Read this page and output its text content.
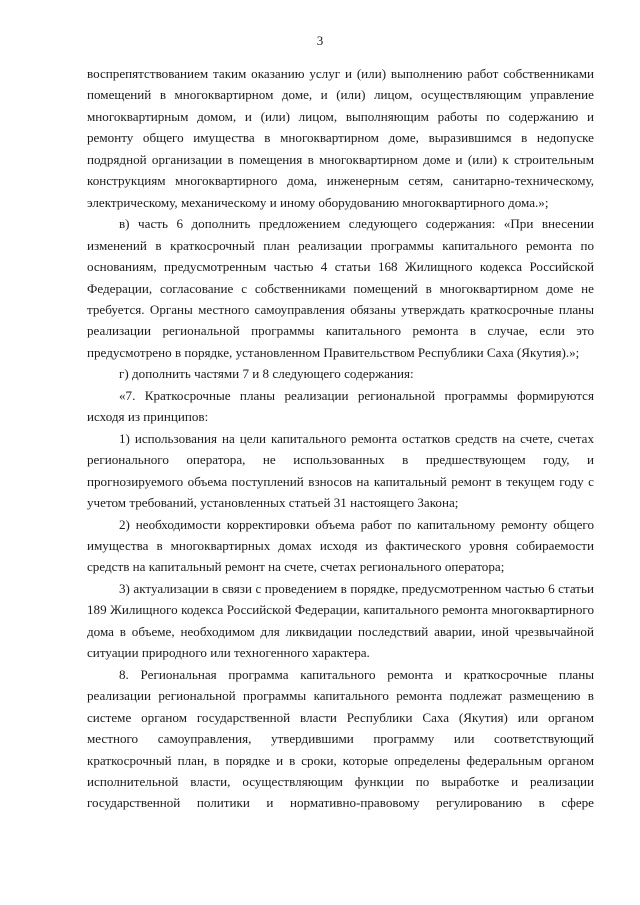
3

воспрепятствованием таким оказанию услуг и (или) выполнению работ собственниками помещений в многоквартирном доме, и (или) лицом, осуществляющим управление многоквартирным домом, и (или) лицом, выполняющим работы по содержанию и ремонту общего имущества в многоквартирном доме, выразившимся в недопуске подрядной организации в помещения в многоквартирном доме и (или) к строительным конструкциям многоквартирного дома, инженерным сетям, санитарно-техническому, электрическому, механическому и иному оборудованию многоквартирного дома.»;

в) часть 6 дополнить предложением следующего содержания: «При внесении изменений в краткосрочный план реализации программы капитального ремонта по основаниям, предусмотренным частью 4 статьи 168 Жилищного кодекса Российской Федерации, согласование с собственниками помещений в многоквартирном доме не требуется. Органы местного самоуправления обязаны утверждать краткосрочные планы реализации региональной программы капитального ремонта в случае, если это предусмотрено в порядке, установленном Правительством Республики Саха (Якутия).»;

г) дополнить частями 7 и 8 следующего содержания:

«7. Краткосрочные планы реализации региональной программы формируются исходя из принципов:

1) использования на цели капитального ремонта остатков средств на счете, счетах регионального оператора, не использованных в предшествующем году, и прогнозируемого объема поступлений взносов на капитальный ремонт в текущем году с учетом требований, установленных статьей 31 настоящего Закона;

2) необходимости корректировки объема работ по капитальному ремонту общего имущества в многоквартирных домах исходя из фактического уровня собираемости средств на капитальный ремонт на счете, счетах регионального оператора;

3) актуализации в связи с проведением в порядке, предусмотренном частью 6 статьи 189 Жилищного кодекса Российской Федерации, капитального ремонта многоквартирного дома в объеме, необходимом для ликвидации последствий аварии, иной чрезвычайной ситуации природного или техногенного характера.

8. Региональная программа капитального ремонта и краткосрочные планы реализации региональной программы капитального ремонта подлежат размещению в системе органом государственной власти Республики Саха (Якутия) или органом местного самоуправления, утвердившими программу или соответствующий краткосрочный план, в порядке и в сроки, которые определены федеральным органом исполнительной власти, осуществляющим функции по выработке и реализации государственной политики и нормативно-правовому регулированию в сфере
